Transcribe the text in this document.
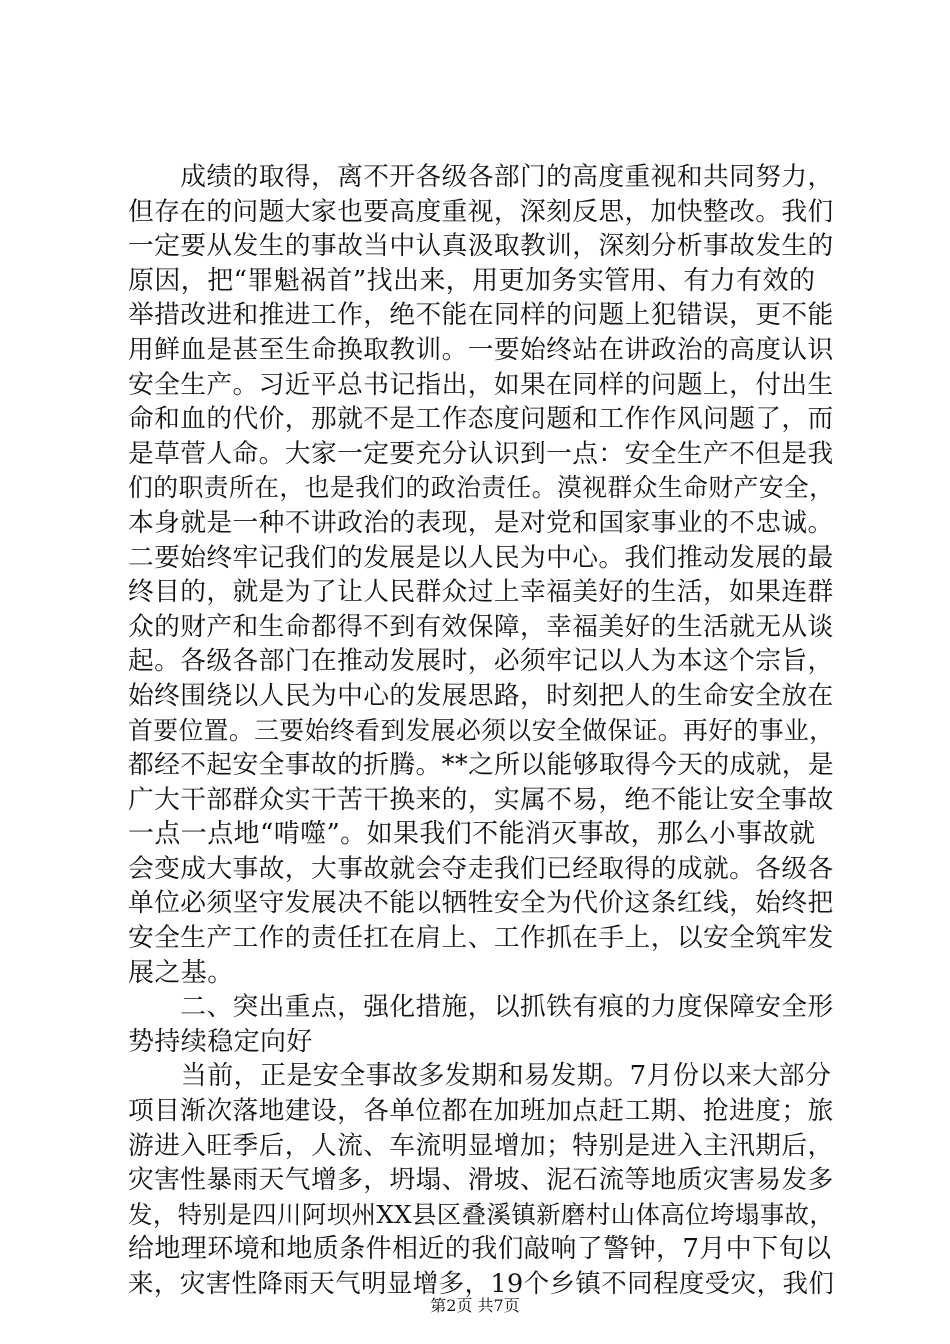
　　成绩的取得，离不开各级各部门的高度重视和共同努力，
但存在的问题大家也要高度重视，深刻反思，加快整改。我们
一定要从发生的事故当中认真汲取教训，深刻分析事故发生的
原因，把“罪魁祸首”找出来，用更加务实管用、有力有效的
举措改进和推进工作，绝不能在同样的问题上犯错误，更不能
用鲜血是甚至生命换取教训。一要始终站在讲政治的高度认识
安全生产。习近平总书记指出，如果在同样的问题上，付出生
命和血的代价，那就不是工作态度问题和工作作风问题了，而
是草菅人命。大家一定要充分认识到一点：安全生产不但是我
们的职责所在，也是我们的政治责任。漠视群众生命财产安全，
本身就是一种不讲政治的表现，是对党和国家事业的不忠诚。
二要始终牢记我们的发展是以人民为中心。我们推动发展的最
终目的，就是为了让人民群众过上幸福美好的生活，如果连群
众的财产和生命都得不到有效保障，幸福美好的生活就无从谈
起。各级各部门在推动发展时，必须牢记以人为本这个宗旨，
始终围绕以人民为中心的发展思路，时刻把人的生命安全放在
首要位置。三要始终看到发展必须以安全做保证。再好的事业，
都经不起安全事故的折腾。**之所以能够取得今天的成就，是
广大干部群众实干苦干换来的，实属不易，绝不能让安全事故
一点一点地“啃噬”。如果我们不能消灭事故，那么小事故就
会变成大事故，大事故就会夺走我们已经取得的成就。各级各
单位必须坚守发展决不能以牺牲安全为代价这条红线，始终把
安全生产工作的责任扛在肩上、工作抓在手上，以安全筑牢发
展之基。
　　二、突出重点，强化措施，以抓铁有痕的力度保障安全形
势持续稳定向好
　　当前，正是安全事故多发期和易发期。7月份以来大部分
项目渐次落地建设，各单位都在加班加点赶工期、抢进度；旅
游进入旺季后，人流、车流明显增加；特别是进入主汛期后，
灾害性暴雨天气增多，坍塌、滑坡、泥石流等地质灾害易发多
发，特别是四川阿坝州XX县区叠溪镇新磨村山体高位垮塌事故，
给地理环境和地质条件相近的我们敲响了警钟，7月中下旬以
来，灾害性降雨天气明显增多，19个乡镇不同程度受灾，我们
第2页 共7页
